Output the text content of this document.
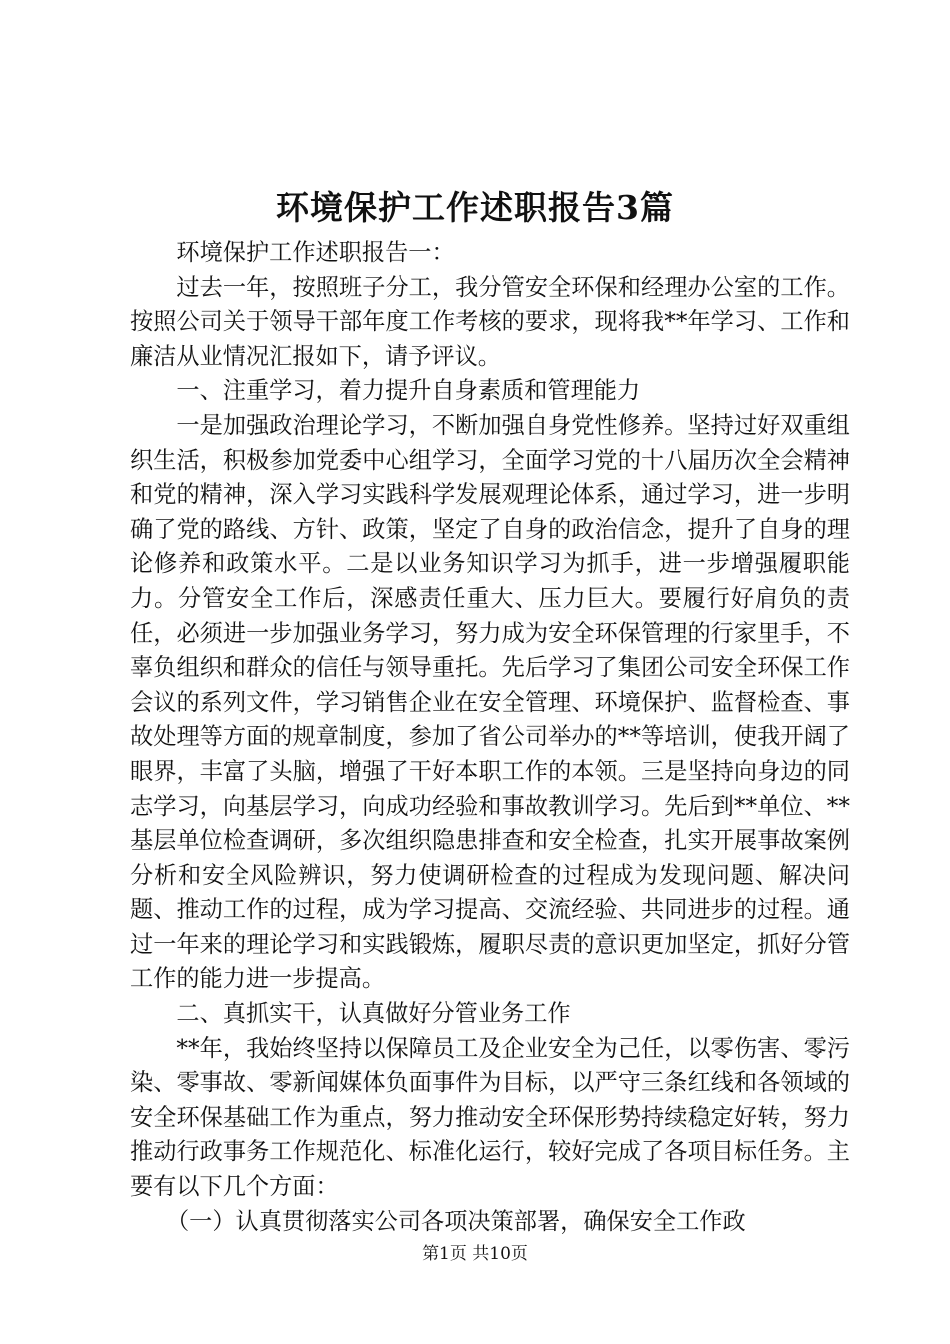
环境保护工作述职报告3篇

环境保护工作述职报告一：

过去一年，按照班子分工，我分管安全环保和经理办公室的工作。按照公司关于领导干部年度工作考核的要求，现将我**年学习、工作和廉洁从业情况汇报如下，请予评议。

一、注重学习，着力提升自身素质和管理能力

一是加强政治理论学习，不断加强自身党性修养。坚持过好双重组织生活，积极参加党委中心组学习，全面学习党的十八届历次全会精神和党的精神，深入学习实践科学发展观理论体系，通过学习，进一步明确了党的路线、方针、政策，坚定了自身的政治信念，提升了自身的理论修养和政策水平。二是以业务知识学习为抓手，进一步增强履职能力。分管安全工作后，深感责任重大、压力巨大。要履行好肩负的责任，必须进一步加强业务学习，努力成为安全环保管理的行家里手，不辜负组织和群众的信任与领导重托。先后学习了集团公司安全环保工作会议的系列文件，学习销售企业在安全管理、环境保护、监督检查、事故处理等方面的规章制度，参加了省公司举办的**等培训，使我开阔了眼界，丰富了头脑，增强了干好本职工作的本领。三是坚持向身边的同志学习，向基层学习，向成功经验和事故教训学习。先后到**单位、**基层单位检查调研，多次组织隐患排查和安全检查，扎实开展事故案例分析和安全风险辨识，努力使调研检查的过程成为发现问题、解决问题、推动工作的过程，成为学习提高、交流经验、共同进步的过程。通过一年来的理论学习和实践锻炼，履职尽责的意识更加坚定，抓好分管工作的能力进一步提高。

二、真抓实干，认真做好分管业务工作

**年，我始终坚持以保障员工及企业安全为己任，以零伤害、零污染、零事故、零新闻媒体负面事件为目标，以严守三条红线和各领域的安全环保基础工作为重点，努力推动安全环保形势持续稳定好转，努力推动行政事务工作规范化、标准化运行，较好完成了各项目标任务。主要有以下几个方面：

（一）认真贯彻落实公司各项决策部署，确保安全工作政

第1页 共10页
